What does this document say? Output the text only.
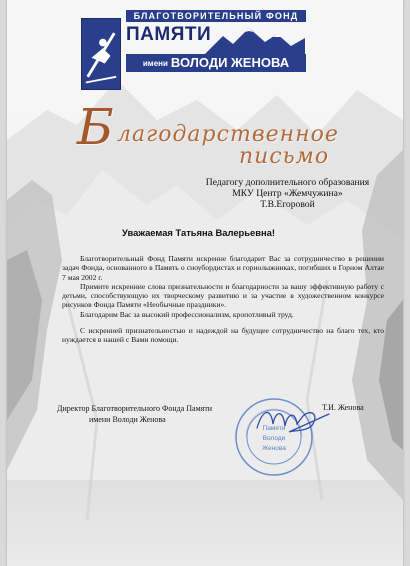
БЛАГОТВОРИТЕЛЬНЫЙ ФОНД
ПАМЯТИ
имени ВОЛОДИ ЖЕНОВА
Б лагодарственное
письмо
Педагогу дополнительного образования
МКУ Центр «Жемчужина»
Т.В.Егоровой
Уважаемая Татьяна Валерьевна!

Благотворительный Фонд Памяти искренне благодарит Вас за сотрудничество в решении задач Фонда, основанного в Память о сноубордистах и горнолыжниках, погибших в Горном Алтае 7 мая 2002 г.

Примите искренние слова признательности и благодарности за вашу эффективную работу с детьми, способствующую их творческому развитию и за участие в художественном конкурсе рисунков Фонда Памяти «Необычные праздники».

Благодарим Вас за высокий профессионализм, кропотливый труд.

С искренней признательностью и надеждой на будущее сотрудничество на благо тех, кто нуждается в нашей с Вами помощи.

Директор Благотворительного Фонда Памяти
имени Володи Женова
Памяти
Володи
Женова
Т.И. Женова
